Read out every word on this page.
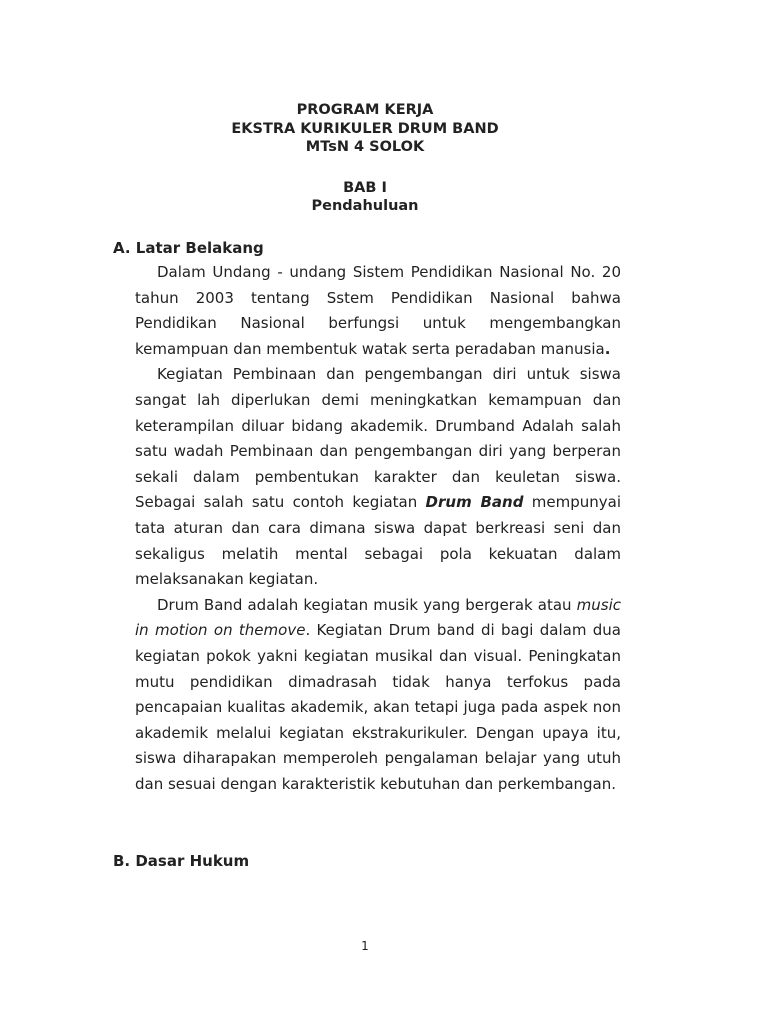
PROGRAM KERJA
EKSTRA KURIKULER DRUM BAND
MTsN 4 SOLOK
BAB I
Pendahuluan
A. Latar Belakang

Dalam Undang - undang Sistem Pendidikan Nasional No. 20 tahun 2003 tentang Sstem Pendidikan Nasional bahwa Pendidikan Nasional berfungsi untuk mengembangkan kemampuan dan membentuk watak serta peradaban manusia.

Kegiatan Pembinaan dan pengembangan diri untuk siswa sangat lah diperlukan demi meningkatkan kemampuan dan keterampilan diluar bidang akademik. Drumband Adalah salah satu wadah Pembinaan dan pengembangan diri yang berperan sekali dalam pembentukan karakter dan keuletan siswa. Sebagai salah satu contoh kegiatan Drum Band mempunyai tata aturan dan cara dimana siswa dapat berkreasi seni dan sekaligus melatih mental sebagai pola kekuatan dalam melaksanakan kegiatan.

Drum Band adalah kegiatan musik yang bergerak atau music in motion on themove. Kegiatan Drum band di bagi dalam dua kegiatan pokok yakni kegiatan musikal dan visual. Peningkatan mutu pendidikan dimadrasah tidak hanya terfokus pada pencapaian kualitas akademik, akan tetapi juga pada aspek non akademik melalui kegiatan ekstrakurikuler. Dengan upaya itu, siswa diharapakan memperoleh pengalaman belajar yang utuh dan sesuai dengan karakteristik kebutuhan dan perkembangan.

B. Dasar Hukum
1
